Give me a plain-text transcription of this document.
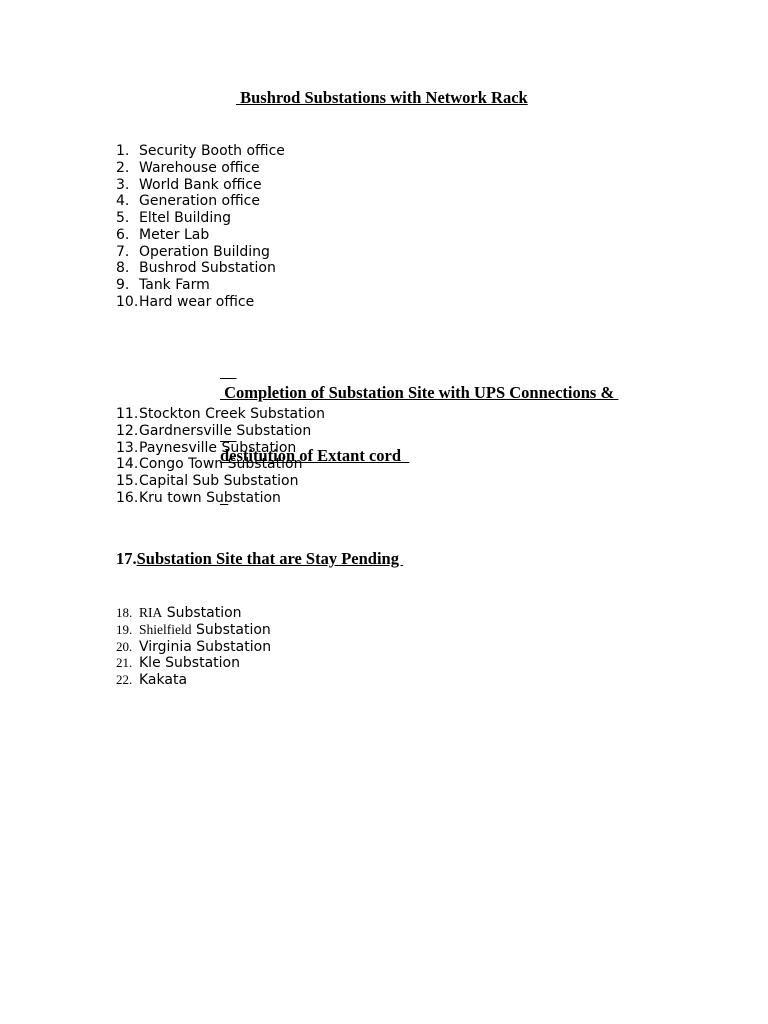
Bushrod Substations with Network Rack

1. Security Booth office
2. Warehouse office
3. World Bank office
4. Generation office
5. Eltel Building
6. Meter Lab
7. Operation Building
8. Bushrod Substation
9. Tank Farm
10.Hard wear office

Completion of Substation Site with UPS Connections &

destitution of Extant cord

11.Stockton Creek Substation
12.Gardnersville Substation
13.Paynesville Substation
14.Congo Town Substation
15.Capital Sub Substation
16.Kru town Substation
17.Substation Site that are Stay Pending
18. RIA Substation
19. Shielfield Substation
20. Virginia Substation
21. Kle Substation
22. Kakata
